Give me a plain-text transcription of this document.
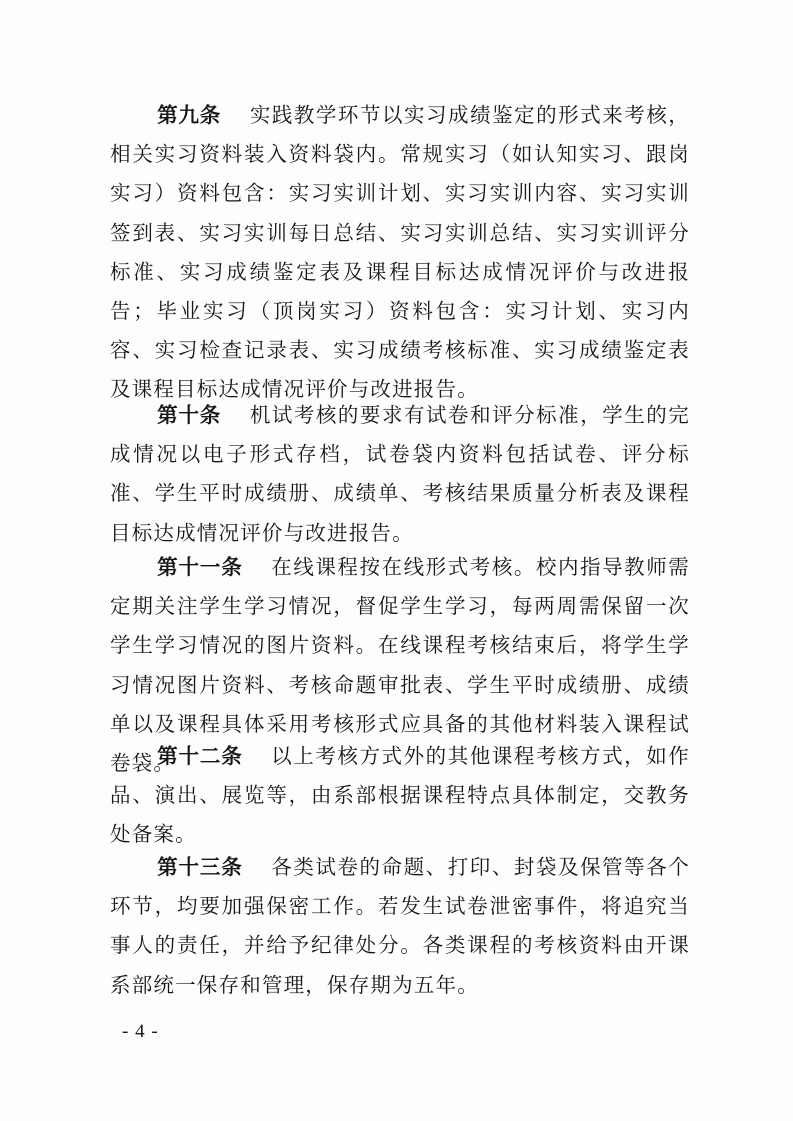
第九条 实践教学环节以实习成绩鉴定的形式来考核，相关实习资料装入资料袋内。常规实习（如认知实习、跟岗实习）资料包含：实习实训计划、实习实训内容、实习实训签到表、实习实训每日总结、实习实训总结、实习实训评分标准、实习成绩鉴定表及课程目标达成情况评价与改进报告；毕业实习（顶岗实习）资料包含：实习计划、实习内容、实习检查记录表、实习成绩考核标准、实习成绩鉴定表及课程目标达成情况评价与改进报告。

第十条 机试考核的要求有试卷和评分标准，学生的完成情况以电子形式存档，试卷袋内资料包括试卷、评分标准、学生平时成绩册、成绩单、考核结果质量分析表及课程目标达成情况评价与改进报告。

第十一条 在线课程按在线形式考核。校内指导教师需定期关注学生学习情况，督促学生学习，每两周需保留一次学生学习情况的图片资料。在线课程考核结束后，将学生学习情况图片资料、考核命题审批表、学生平时成绩册、成绩单以及课程具体采用考核形式应具备的其他材料装入课程试卷袋。

第十二条 以上考核方式外的其他课程考核方式，如作品、演出、展览等，由系部根据课程特点具体制定，交教务处备案。

第十三条 各类试卷的命题、打印、封袋及保管等各个环节，均要加强保密工作。若发生试卷泄密事件，将追究当事人的责任，并给予纪律处分。各类课程的考核资料由开课系部统一保存和管理，保存期为五年。

- 4 -
